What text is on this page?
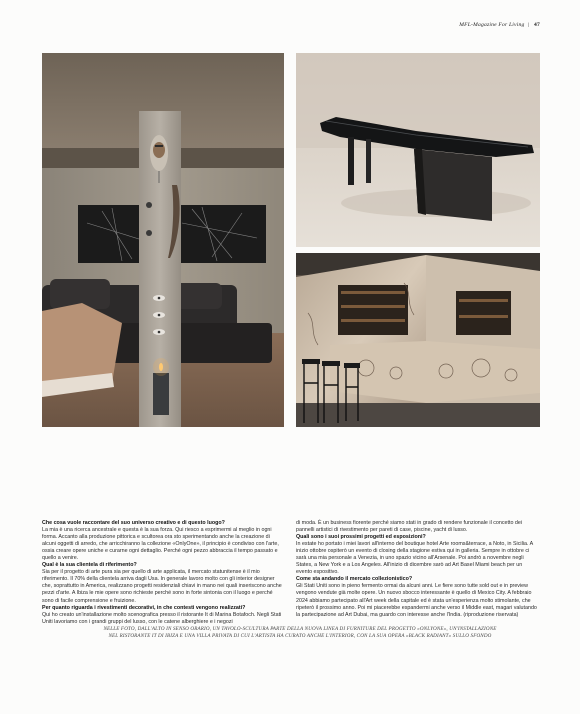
MFL-Magazine For Living | 47

Che cosa vuole raccontare del suo universo creativo e di questo luogo?

La mia è una ricerca ancestrale e questa è la sua forza. Qui riesco a esprimermi al meglio in ogni forma. Accanto alla produzione pittorica e scultorea ora sto sperimentando anche la creazione di alcuni oggetti di arredo, che arricchiranno la collezione «OnlyOne», il principio è condiviso con l'arte, ossia creare opere uniche e curarne ogni dettaglio. Perché ogni pezzo abbraccia il tempo passato e quello a venire.

Qual è la sua clientela di riferimento?

Sia per il progetto di arte pura sia per quello di arte applicata, il mercato statunitense è il mio riferimento. Il 70% della clientela arriva dagli Usa. In generale lavoro molto con gli interior designer che, soprattutto in America, realizzano progetti residenziali chiavi in mano nei quali inseriscono anche pezzi d'arte. A Ibiza le mie opere sono richieste perché sono in forte sintonia con il luogo e perché sono di facile comprensione e fruizione.

Per quanto riguarda i rivestimenti decorativi, in che contesti vengono realizzati?

Qui ho creato un'installazione molto scenografica presso il ristorante It di Marina Botafoch. Negli Stati Uniti lavoriamo con i grandi gruppi del lusso, con le catene alberghiere e i negozi

di moda. È un business fiorente perché siamo stati in grado di rendere funzionale il concetto dei pannelli artistici di rivestimento per pareti di case, piscine, yacht di lusso.

Quali sono i suoi prossimi progetti ed esposizioni?

In estate ho portato i miei lavori all'interno del boutique hotel Arte rooms&terrace, a Noto, in Sicilia. A inizio ottobre ospiterò un evento di closing della stagione estiva qui in galleria. Sempre in ottobre ci sarà una mia personale a Venezia, in uno spazio vicino all'Arsenale. Poi andrò a novembre negli States, a New York e a Los Angeles. All'inizio di dicembre sarò ad Art Basel Miami beach per un evento espositivo.

Come sta andando il mercato collezionistico?

Gli Stati Uniti sono in pieno fermento ormai da alcuni anni. Le fiere sono tutte sold out e in preview vengono vendute già molte opere. Un nuovo sbocco interessante è quello di Mexico City. A febbraio 2024 abbiamo partecipato all'Art week della capitale ed è stata un'esperienza molto stimolante, che ripeterò il prossimo anno. Poi mi piacerebbe espandermi anche verso il Middle east, magari valutando la partecipazione ad Art Dubai, ma guardo con interesse anche l'India. (riproduzione riservata)

NELLE FOTO, DALL'ALTO IN SENSO ORARIO, UN TAVOLO-SCULTURA PARTE DELLA NUOVA LINEA DI FURNITURE DEL PROGETTO «ONLYONE», UN'INSTALLAZIONE
NEL RISTORANTE IT DI IBIZA E UNA VILLA PRIVATA DI CUI L'ARTISTA HA CURATO ANCHE L'INTERIOR, CON LA SUA OPERA «BLACK RADIANT» SULLO SFONDO
